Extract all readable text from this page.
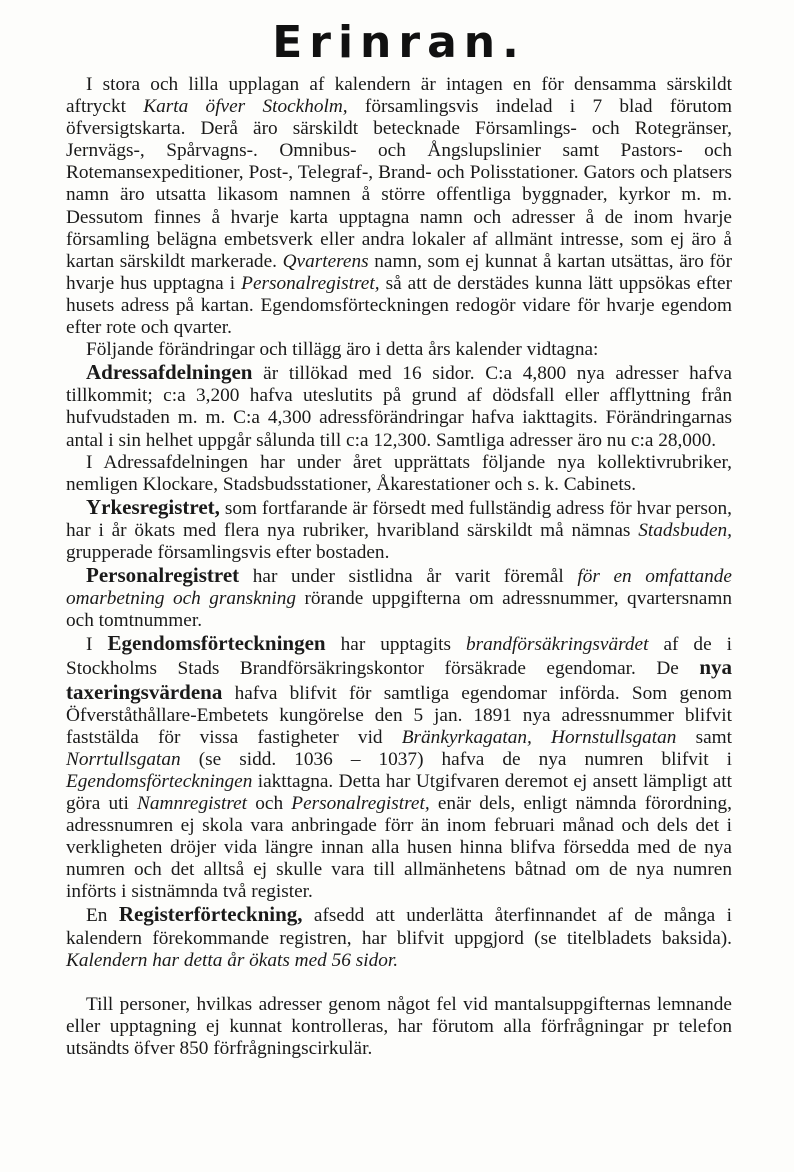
Erinran.

I stora och lilla upplagan af kalendern är intagen en för densamma särskildt aftryckt Karta öfver Stockholm, församlingsvis indelad i 7 blad förutom öfversigtskarta. Derå äro särskildt betecknade Församlings- och Rotegränser, Jernvägs-, Spårvagns-. Omnibus- och Ångslupslinier samt Pastors- och Rotemansexpeditioner, Post-, Telegraf-, Brand- och Polisstationer. Gators och platsers namn äro utsatta likasom namnen å större offentliga byggnader, kyrkor m. m. Dessutom finnes å hvarje karta upptagna namn och adresser å de inom hvarje församling belägna embetsverk eller andra lokaler af allmänt intresse, som ej äro å kartan särskildt markerade. Qvarterens namn, som ej kunnat å kartan utsättas, äro för hvarje hus upptagna i Personalregistret, så att de derstädes kunna lätt uppsökas efter husets adress på kartan. Egendomsförteckningen redogör vidare för hvarje egendom efter rote och qvarter.

Följande förändringar och tillägg äro i detta års kalender vidtagna:

Adressafdelningen är tillökad med 16 sidor. C:a 4,800 nya adresser hafva tillkommit; c:a 3,200 hafva uteslutits på grund af dödsfall eller afflyttning från hufvudstaden m. m. C:a 4,300 adressförändringar hafva iakttagits. Förändringarnas antal i sin helhet uppgår sålunda till c:a 12,300. Samtliga adresser äro nu c:a 28,000.

I Adressafdelningen har under året upprättats följande nya kollektivrubriker, nemligen Klockare, Stadsbudsstationer, Åkarestationer och s. k. Cabinets.

Yrkesregistret, som fortfarande är försedt med fullständig adress för hvar person, har i år ökats med flera nya rubriker, hvaribland särskildt må nämnas Stadsbuden, grupperade församlingsvis efter bostaden.

Personalregistret har under sistlidna år varit föremål för en omfattande omarbetning och granskning rörande uppgifterna om adressnummer, qvartersnamn och tomtnummer.

I Egendomsförteckningen har upptagits brandförsäkringsvärdet af de i Stockholms Stads Brandförsäkringskontor försäkrade egendomar. De nya taxeringsvärdena hafva blifvit för samtliga egendomar införda. Som genom Öfverståthållare-Embetets kungörelse den 5 jan. 1891 nya adressnummer blifvit faststälda för vissa fastigheter vid Bränkyrkagatan, Hornstullsgatan samt Norrtullsgatan (se sidd. 1036 – 1037) hafva de nya numren blifvit i Egendomsförteckningen iakttagna. Detta har Utgifvaren deremot ej ansett lämpligt att göra uti Namnregistret och Personalregistret, enär dels, enligt nämnda förordning, adressnumren ej skola vara anbringade förr än inom februari månad och dels det i verkligheten dröjer vida längre innan alla husen hinna blifva försedda med de nya numren och det alltså ej skulle vara till allmänhetens båtnad om de nya numren införts i sistnämnda två register.

En Registerförteckning, afsedd att underlätta återfinnandet af de många i kalendern förekommande registren, har blifvit uppgjord (se titelbladets baksida). Kalendern har detta år ökats med 56 sidor.

Till personer, hvilkas adresser genom något fel vid mantalsuppgifternas lemnande eller upptagning ej kunnat kontrolleras, har förutom alla förfrågningar pr telefon utsändts öfver 850 förfrågningscirkulär.
